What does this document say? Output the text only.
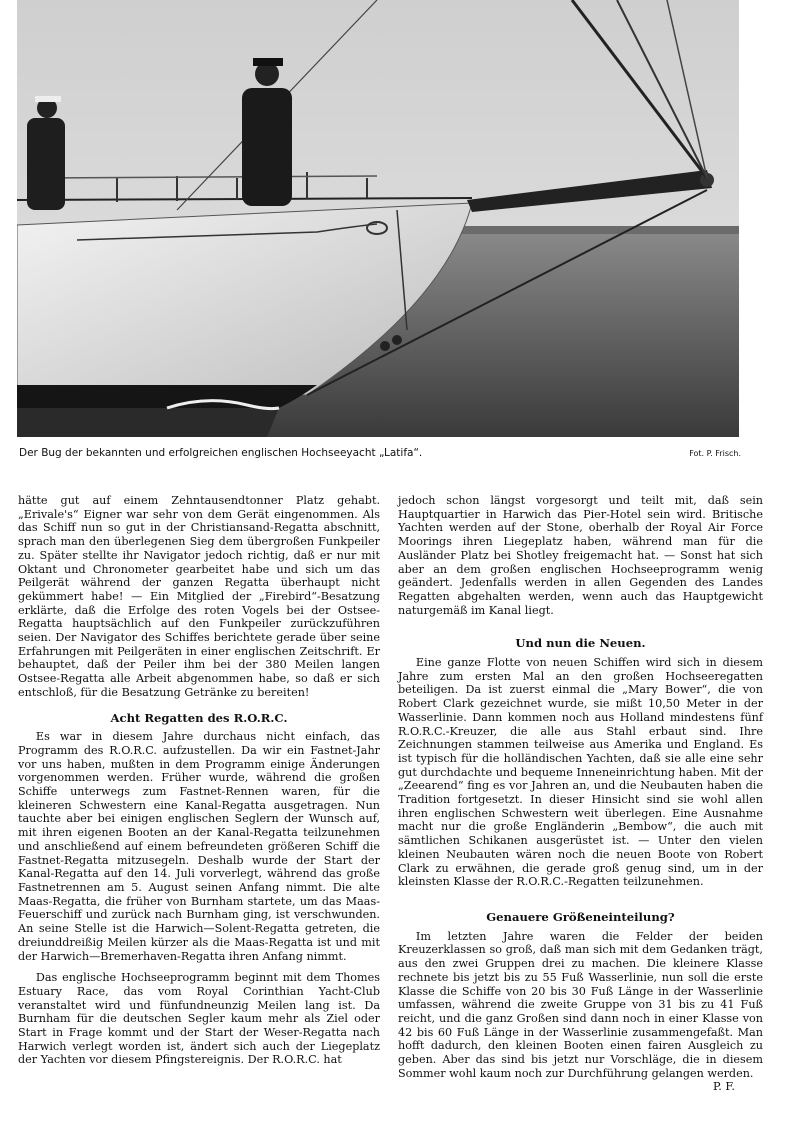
Der Bug der bekannten und erfolgreichen englischen Hochseeyacht „Latifa“.	Fot. P. Frisch.

hätte gut auf einem Zehntausendtonner Platz gehabt. „Erivale's“ Eigner war sehr von dem Gerät eingenommen. Als das Schiff nun so gut in der Christiansand-Regatta abschnitt, sprach man den überlegenen Sieg dem übergroßen Funkpeiler zu. Später stellte ihr Navigator jedoch richtig, daß er nur mit Oktant und Chronometer gearbeitet habe und sich um das Peilgerät während der ganzen Regatta überhaupt nicht gekümmert habe! — Ein Mitglied der „Firebird“-Besatzung erklärte, daß die Erfolge des roten Vogels bei der Ostsee-Regatta hauptsächlich auf den Funkpeiler zurückzuführen seien. Der Navigator des Schiffes berichtete gerade über seine Erfahrungen mit Peilgeräten in einer englischen Zeitschrift. Er behauptet, daß der Peiler ihm bei der 380 Meilen langen Ostsee-Regatta alle Arbeit abgenommen habe, so daß er sich entschloß, für die Besatzung Getränke zu bereiten!

Acht Regatten des R.O.R.C.

Es war in diesem Jahre durchaus nicht einfach, das Programm des R.O.R.C. aufzustellen. Da wir ein Fastnet-Jahr vor uns haben, mußten in dem Programm einige Änderungen vorgenommen werden. Früher wurde, während die großen Schiffe unterwegs zum Fastnet-Rennen waren, für die kleineren Schwestern eine Kanal-Regatta ausgetragen. Nun tauchte aber bei einigen englischen Seglern der Wunsch auf, mit ihren eigenen Booten an der Kanal-Regatta teilzunehmen und anschließend auf einem befreundeten größeren Schiff die Fastnet-Regatta mitzusegeln. Deshalb wurde der Start der Kanal-Regatta auf den 14. Juli vorverlegt, während das große Fastnetrennen am 5. August seinen Anfang nimmt. Die alte Maas-Regatta, die früher von Burnham startete, um das Maas-Feuerschiff und zurück nach Burnham ging, ist verschwunden. An seine Stelle ist die Harwich—Solent-Regatta getreten, die dreiunddreißig Meilen kürzer als die Maas-Regatta ist und mit der Harwich—Bremerhaven-Regatta ihren Anfang nimmt.

Das englische Hochseeprogramm beginnt mit dem Thomes Estuary Race, das vom Royal Corinthian Yacht-Club veranstaltet wird und fünfundneunzig Meilen lang ist. Da Burnham für die deutschen Segler kaum mehr als Ziel oder Start in Frage kommt und der Start der Weser-Regatta nach Harwich verlegt worden ist, ändert sich auch der Liegeplatz der Yachten vor diesem Pfingstereignis. Der R.O.R.C. hat

jedoch schon längst vorgesorgt und teilt mit, daß sein Hauptquartier in Harwich das Pier-Hotel sein wird. Britische Yachten werden auf der Stone, oberhalb der Royal Air Force Moorings ihren Liegeplatz haben, während man für die Ausländer Platz bei Shotley freigemacht hat. — Sonst hat sich aber an dem großen englischen Hochseeprogramm wenig geändert. Jedenfalls werden in allen Gegenden des Landes Regatten abgehalten werden, wenn auch das Hauptgewicht naturgemäß im Kanal liegt.

Und nun die Neuen.

Eine ganze Flotte von neuen Schiffen wird sich in diesem Jahre zum ersten Mal an den großen Hochseeregatten beteiligen. Da ist zuerst einmal die „Mary Bower“, die von Robert Clark gezeichnet wurde, sie mißt 10,50 Meter in der Wasserlinie. Dann kommen noch aus Holland mindestens fünf R.O.R.C.-Kreuzer, die alle aus Stahl erbaut sind. Ihre Zeichnungen stammen teilweise aus Amerika und England. Es ist typisch für die holländischen Yachten, daß sie alle eine sehr gut durchdachte und bequeme Inneneinrichtung haben. Mit der „Zeearend“ fing es vor Jahren an, und die Neubauten haben die Tradition fortgesetzt. In dieser Hinsicht sind sie wohl allen ihren englischen Schwestern weit überlegen. Eine Ausnahme macht nur die große Engländerin „Bembow“, die auch mit sämtlichen Schikanen ausgerüstet ist. — Unter den vielen kleinen Neubauten wären noch die neuen Boote von Robert Clark zu erwähnen, die gerade groß genug sind, um in der kleinsten Klasse der R.O.R.C.-Regatten teilzunehmen.

Genauere Größeneinteilung?

Im letzten Jahre waren die Felder der beiden Kreuzerklassen so groß, daß man sich mit dem Gedanken trägt, aus den zwei Gruppen drei zu machen. Die kleinere Klasse rechnete bis jetzt bis zu 55 Fuß Wasserlinie, nun soll die erste Klasse die Schiffe von 20 bis 30 Fuß Länge in der Wasserlinie umfassen, während die zweite Gruppe von 31 bis zu 41 Fuß reicht, und die ganz Großen sind dann noch in einer Klasse von 42 bis 60 Fuß Länge in der Wasserlinie zusammengefaßt. Man hofft dadurch, den kleinen Booten einen fairen Ausgleich zu geben. Aber das sind bis jetzt nur Vorschläge, die in diesem Sommer wohl kaum noch zur Durchführung gelangen werden.

P. F.
